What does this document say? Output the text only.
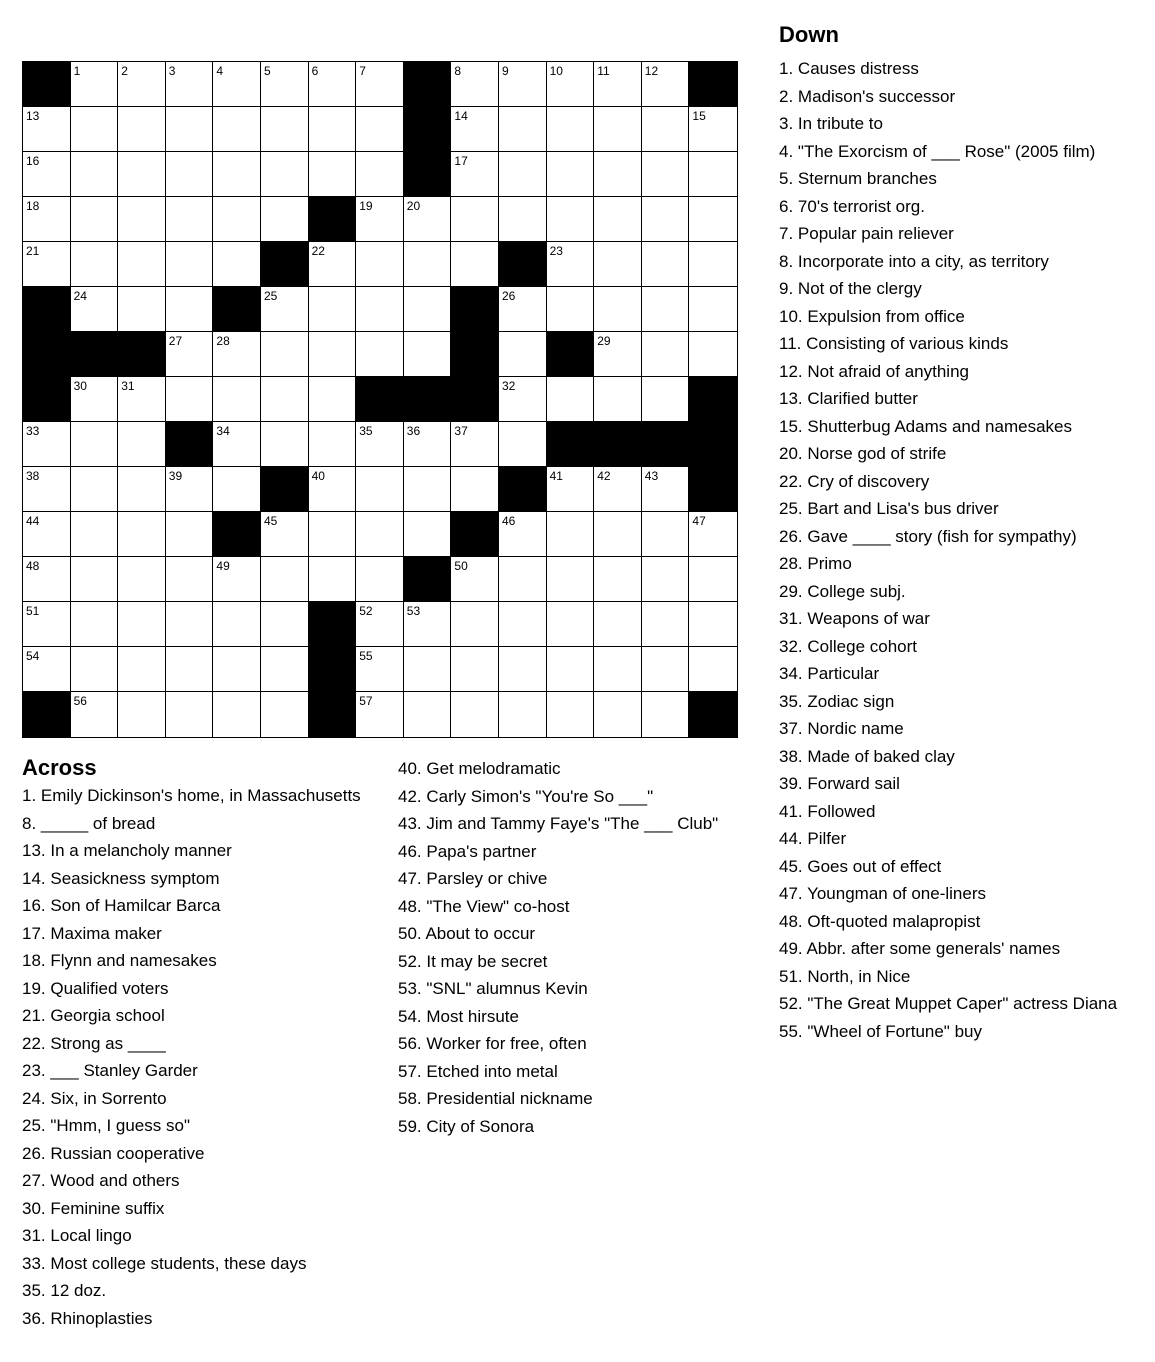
1	2	3	4	5	6	7	8	9	10	11	12
13	14	15
16	17
18	19	20
21	22	23
24	25	26
27	28	29
30	31	32
33	34	35	36	37
38	39	40	41	42	43
44	45	46	47
48	49	50
51	52	53
54	55
56	57
Down
1. Causes distress
2. Madison's successor
3. In tribute to
4. "The Exorcism of ___ Rose" (2005 film)
5. Sternum branches
6. 70's terrorist org.
7. Popular pain reliever
8. Incorporate into a city, as territory
9. Not of the clergy
10. Expulsion from office
11. Consisting of various kinds
12. Not afraid of anything
13. Clarified butter
15. Shutterbug Adams and namesakes
20. Norse god of strife
22. Cry of discovery
25. Bart and Lisa's bus driver
26. Gave ____ story (fish for sympathy)
28. Primo
29. College subj.
31. Weapons of war
32. College cohort
34. Particular
35. Zodiac sign
37. Nordic name
38. Made of baked clay
39. Forward sail
41. Followed
44. Pilfer
45. Goes out of effect
47. Youngman of one-liners
48. Oft-quoted malapropist
49. Abbr. after some generals' names
51. North, in Nice
52. "The Great Muppet Caper" actress Diana
55. "Wheel of Fortune" buy
Across
1. Emily Dickinson's home, in Massachusetts
8. _____ of bread
13. In a melancholy manner
14. Seasickness symptom
16. Son of Hamilcar Barca
17. Maxima maker
18. Flynn and namesakes
19. Qualified voters
21. Georgia school
22. Strong as ____
23. ___ Stanley Garder
24. Six, in Sorrento
25. "Hmm, I guess so"
26. Russian cooperative
27. Wood and others
30. Feminine suffix
31. Local lingo
33. Most college students, these days
35. 12 doz.
36. Rhinoplasties
40. Get melodramatic
42. Carly Simon's "You're So ___"
43. Jim and Tammy Faye's "The ___ Club"
46. Papa's partner
47. Parsley or chive
48. "The View" co-host
50. About to occur
52. It may be secret
53. "SNL" alumnus Kevin
54. Most hirsute
56. Worker for free, often
57. Etched into metal
58. Presidential nickname
59. City of Sonora
